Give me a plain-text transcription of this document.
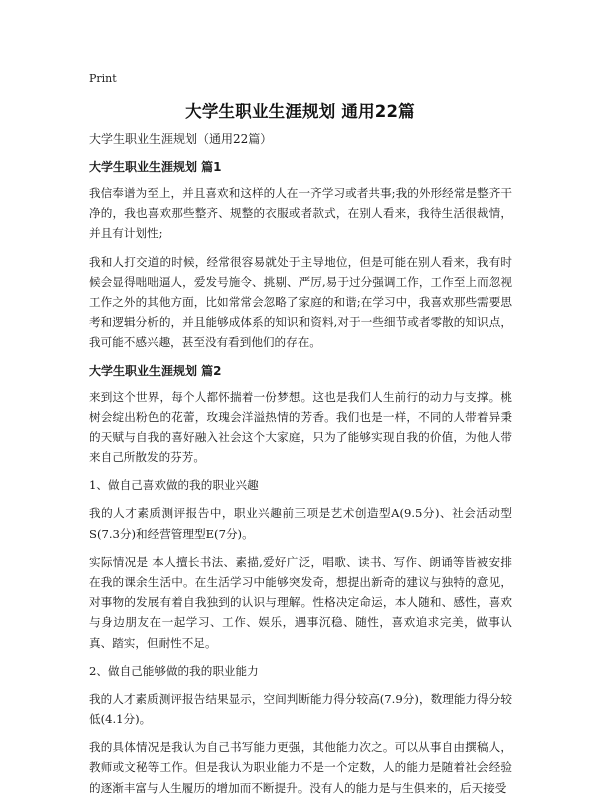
Print
大学生职业生涯规划 通用22篇
大学生职业生涯规划（通用22篇）
大学生职业生涯规划 篇1
我信奉谱为至上，并且喜欢和这样的人在一齐学习或者共事;我的外形经常是整齐干净的，我也喜欢那些整齐、规整的衣服或者款式，在别人看来，我待生活很裁情，并且有计划性;
我和人打交道的时候，经常很容易就处于主导地位，但是可能在别人看来，我有时候会显得咄咄逼人，爱发号施令、挑剔、严厉,易于过分强调工作，工作至上而忽视工作之外的其他方面，比如常常会忽略了家庭的和谐;在学习中，我喜欢那些需要思考和逻辑分析的，并且能够成体系的知识和资料,对于一些细节或者零散的知识点，我可能不感兴趣，甚至没有看到他们的存在。
大学生职业生涯规划 篇2
来到这个世界，每个人都怀揣着一份梦想。这也是我们人生前行的动力与支撑。桃树会绽出粉色的花蕾，玫瑰会洋溢热情的芳香。我们也是一样，不同的人带着异秉的天赋与自我的喜好融入社会这个大家庭，只为了能够实现自我的价值，为他人带来自己所散发的芬芳。
1、做自己喜欢做的我的职业兴趣
我的人才素质测评报告中，职业兴趣前三项是艺术创造型A(9.5分)、社会活动型S(7.3分)和经营管理型E(7分)。
实际情况是 本人擅长书法、素描,爱好广泛，唱歌、读书、写作、朗诵等皆被安排在我的课余生活中。在生活学习中能够突发奇，想提出新奇的建议与独特的意见，对事物的发展有着自我独到的认识与理解。性格决定命运，本人随和、感性，喜欢与身边朋友在一起学习、工作、娱乐，遇事沉稳、随性，喜欢追求完美，做事认真、踏实，但耐性不足。
2、做自己能够做的我的职业能力
我的人才素质测评报告结果显示，空间判断能力得分较高(7.9分)，数理能力得分较低(4.1分)。
我的具体情况是我认为自己书写能力更强，其他能力次之。可以从事自由撰稿人，教师或文秘等工作。但是我认为职业能力不是一个定数，人的能力是随着社会经验的逐渐丰富与人生履历的增加而不断提升。没有人的能力是与生俱来的，后天接受
